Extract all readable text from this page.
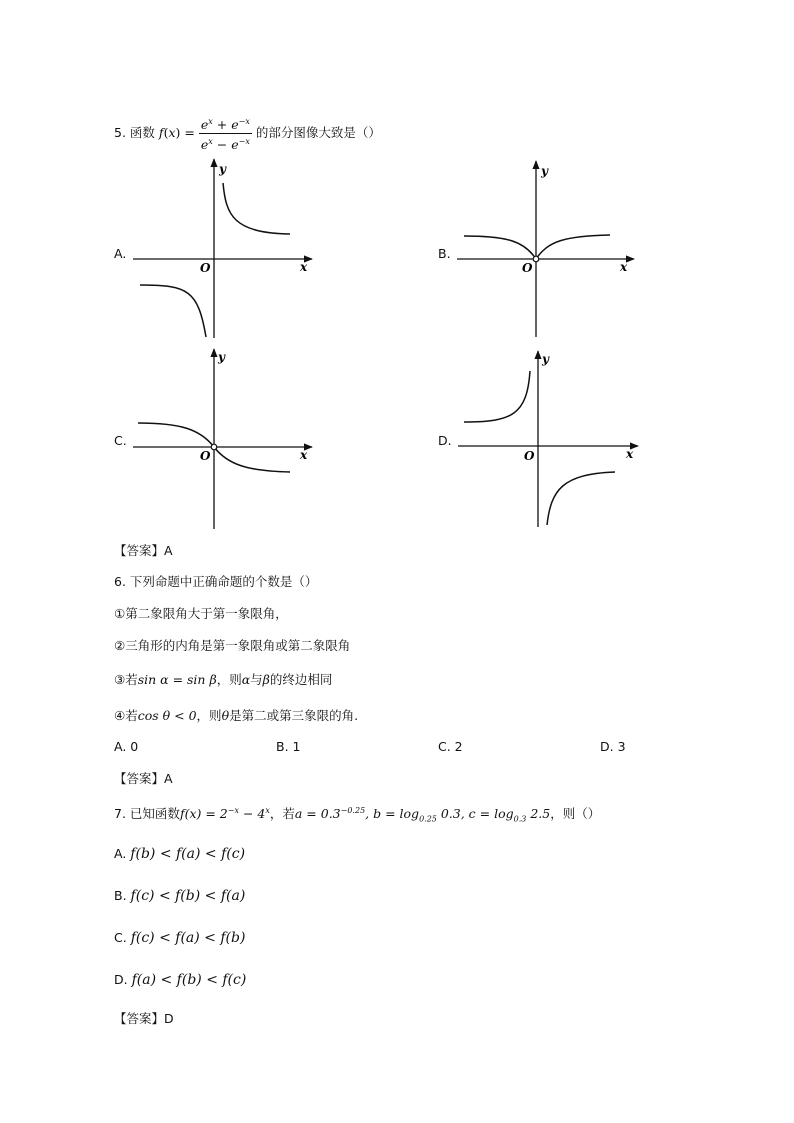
5. 函数 $f(x) = \frac{e^x + e^{-x}}{e^x - e^{-x}}$ 的部分图像大致是（）
A.
y
x
O
B.
y
x
O
C.
y
x
O
D.
y
x
O
【答案】A
6. 下列命题中正确命题的个数是（）
①第二象限角大于第一象限角，
②三角形的内角是第一象限角或第二象限角
③若sin α = sin β，则α与β的终边相同
④若cos θ < 0，则θ是第二或第三象限的角.
A. 0	B. 1	C. 2	D. 3
【答案】A
7. 已知函数$f(x) = 2^{-x} - 4^x$，若$a = 0.3^{-0.25}$, $b = \log_{0.25} 0.3$, $c = \log_{0.3} 2.5$，则（）
A. f(b) < f(a) < f(c)
B. f(c) < f(b) < f(a)
C. f(c) < f(a) < f(b)
D. f(a) < f(b) < f(c)
【答案】D
